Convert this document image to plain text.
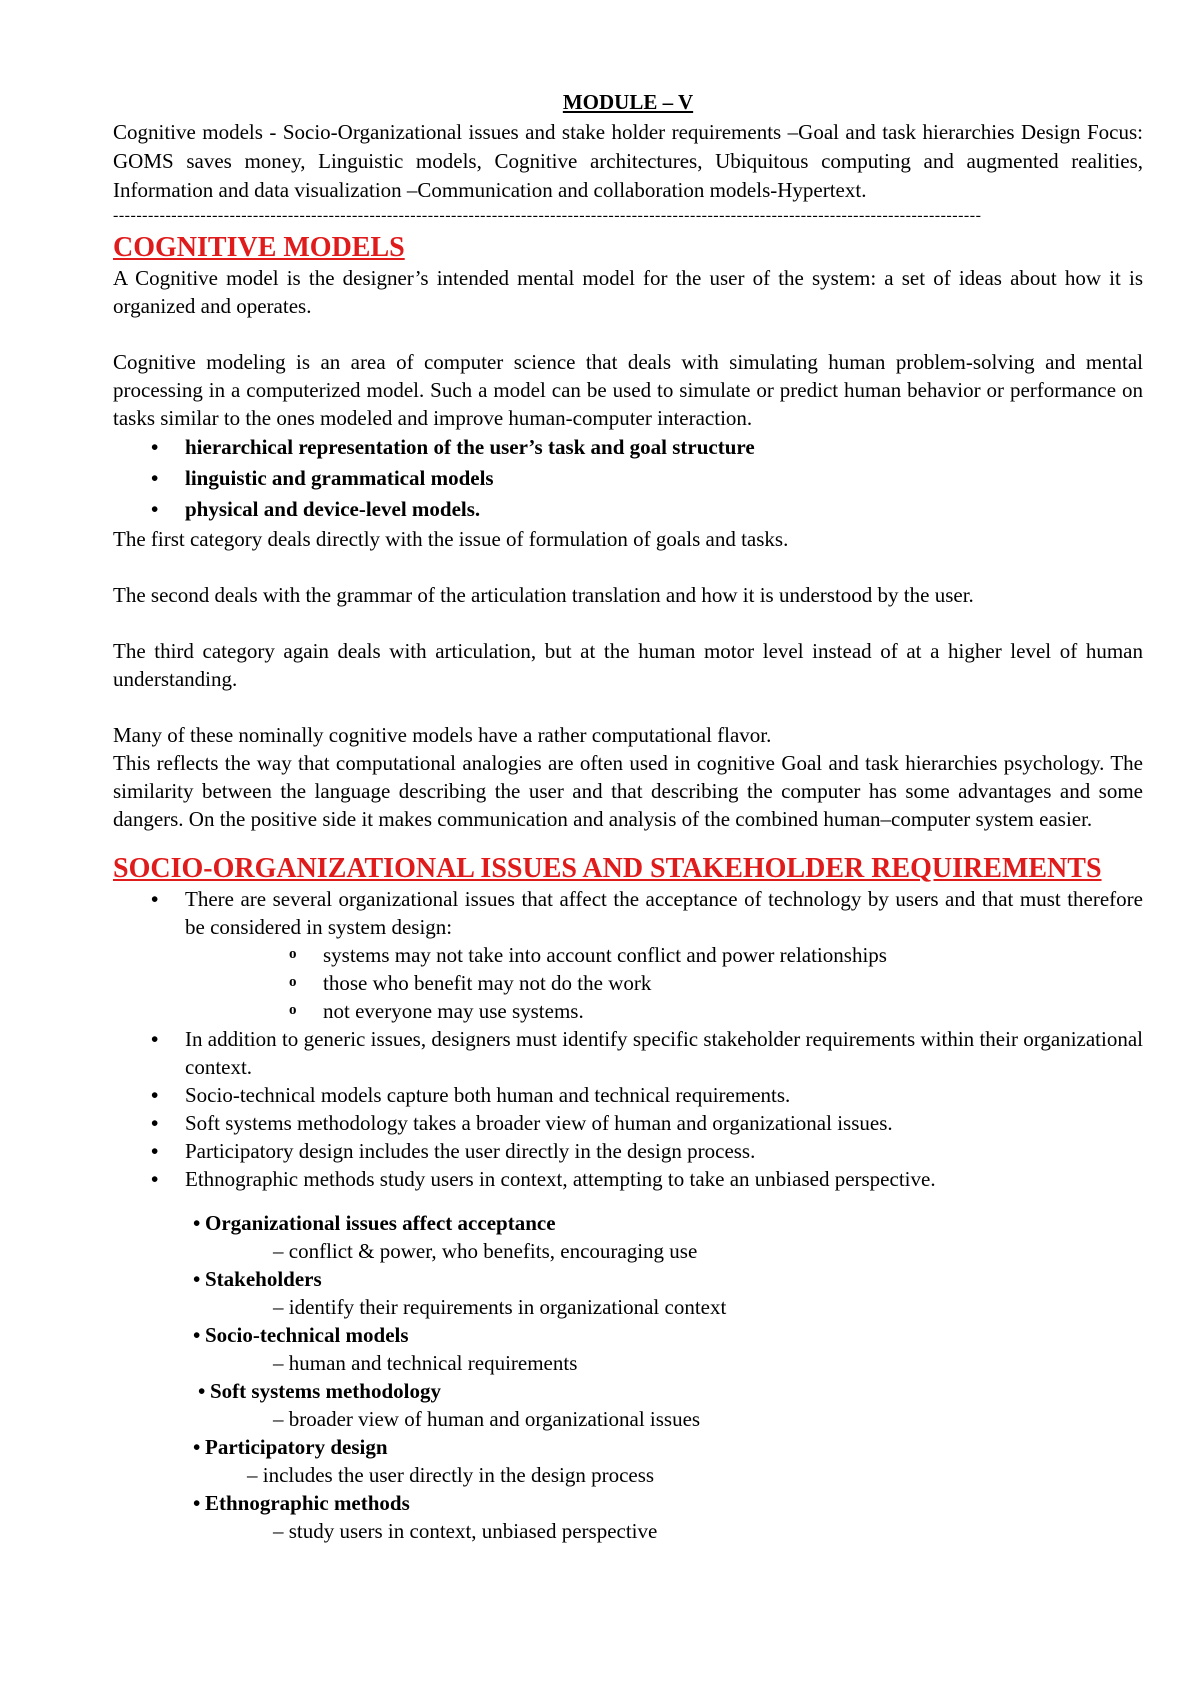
MODULE – V

Cognitive models - Socio-Organizational issues and stake holder requirements –Goal and task hierarchies Design Focus: GOMS saves money, Linguistic models, Cognitive architectures, Ubiquitous computing and augmented realities, Information and data visualization –Communication and collaboration models-Hypertext.

-----------------------------------------------------------------------------------------------------------------------------------------------------
COGNITIVE MODELS

A Cognitive model is the designer’s intended mental model for the user of the system: a set of ideas about how it is organized and operates.

Cognitive modeling is an area of computer science that deals with simulating human problem-solving and mental processing in a computerized model. Such a model can be used to simulate or predict human behavior or performance on tasks similar to the ones modeled and improve human-computer interaction.

• hierarchical representation of the user’s task and goal structure
• linguistic and grammatical models
• physical and device-level models.

The first category deals directly with the issue of formulation of goals and tasks.

The second deals with the grammar of the articulation translation and how it is understood by the user.

The third category again deals with articulation, but at the human motor level instead of at a higher level of human understanding.

Many of these nominally cognitive models have a rather computational flavor.

This reflects the way that computational analogies are often used in cognitive Goal and task hierarchies psychology. The similarity between the language describing the user and that describing the computer has some advantages and some dangers. On the positive side it makes communication and analysis of the combined human–computer system easier.

SOCIO-ORGANIZATIONAL ISSUES AND STAKEHOLDER REQUIREMENTS
• There are several organizational issues that affect the acceptance of technology by users and that must therefore be considered in system design:
o systems may not take into account conflict and power relationships
o those who benefit may not do the work
o not everyone may use systems.
• In addition to generic issues, designers must identify specific stakeholder requirements within their organizational context.
• Socio-technical models capture both human and technical requirements.
• Soft systems methodology takes a broader view of human and organizational issues.
• Participatory design includes the user directly in the design process.
• Ethnographic methods study users in context, attempting to take an unbiased perspective.
• Organizational issues affect acceptance
– conflict & power, who benefits, encouraging use
• Stakeholders
– identify their requirements in organizational context
• Socio-technical models
– human and technical requirements
• Soft systems methodology
– broader view of human and organizational issues
• Participatory design
– includes the user directly in the design process
• Ethnographic methods
– study users in context, unbiased perspective
